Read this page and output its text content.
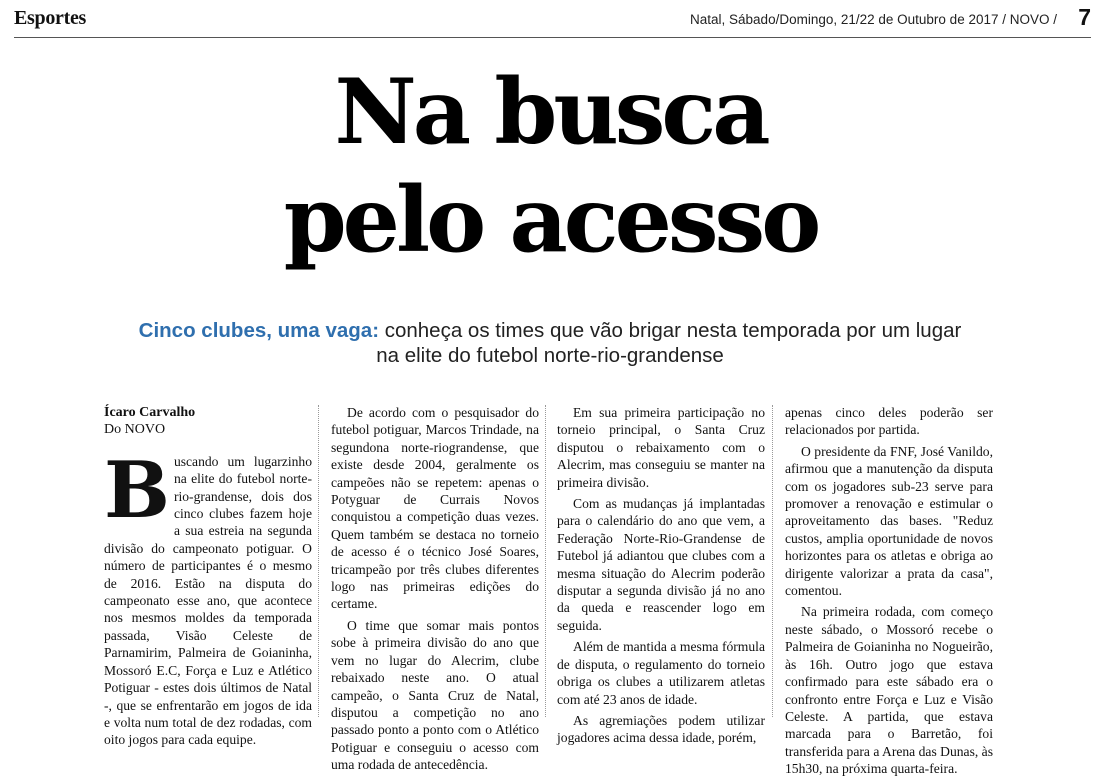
Esportes	Natal, Sábado/Domingo, 21/22 de Outubro de 2017 / NOVO / 7
Na busca
pelo acesso
Cinco clubes, uma vaga: conheça os times que vão brigar nesta temporada por um lugar na elite do futebol norte-rio-grandense
Ícaro Carvalho
Do NOVO

Buscando um lugarzinho na elite do futebol norte-rio-grandense, dois dos cinco clubes fazem hoje a sua estreia na segunda divisão do campeonato potiguar. O número de participantes é o mesmo de 2016. Estão na disputa do campeonato esse ano, que acontece nos mesmos moldes da temporada passada, Visão Celeste de Parnamirim, Palmeira de Goianinha, Mossoró E.C, Força e Luz e Atlético Potiguar - estes dois últimos de Natal -, que se enfrentarão em jogos de ida e volta num total de dez rodadas, com oito jogos para cada equipe.

De acordo com o pesquisador do futebol potiguar, Marcos Trindade, na segundona norte-riograndense, que existe desde 2004, geralmente os campeões não se repetem: apenas o Potyguar de Currais Novos conquistou a competição duas vezes. Quem também se destaca no torneio de acesso é o técnico José Soares, tricampeão por três clubes diferentes logo nas primeiras edições do certame.

O time que somar mais pontos sobe à primeira divisão do ano que vem no lugar do Alecrim, clube rebaixado neste ano. O atual campeão, o Santa Cruz de Natal, disputou a competição no ano passado ponto a ponto com o Atlético Potiguar e conseguiu o acesso com uma rodada de antecedência.

Em sua primeira participação no torneio principal, o Santa Cruz disputou o rebaixamento com o Alecrim, mas conseguiu se manter na primeira divisão.

Com as mudanças já implantadas para o calendário do ano que vem, a Federação Norte-Rio-Grandense de Futebol já adiantou que clubes com a mesma situação do Alecrim poderão disputar a segunda divisão já no ano da queda e reascender logo em seguida.

Além de mantida a mesma fórmula de disputa, o regulamento do torneio obriga os clubes a utilizarem atletas com até 23 anos de idade.

As agremiações podem utilizar jogadores acima dessa idade, porém,

apenas cinco deles poderão ser relacionados por partida.

O presidente da FNF, José Vanildo, afirmou que a manutenção da disputa com os jogadores sub-23 serve para promover a renovação e estimular o aproveitamento das bases. "Reduz custos, amplia oportunidade de novos horizontes para os atletas e obriga ao dirigente valorizar a prata da casa", comentou.

Na primeira rodada, com começo neste sábado, o Mossoró recebe o Palmeira de Goianinha no Nogueirão, às 16h. Outro jogo que estava confirmado para este sábado era o confronto entre Força e Luz e Visão Celeste. A partida, que estava marcada para o Barretão, foi transferida para a Arena das Dunas, às 15h30, na próxima quarta-feira.
